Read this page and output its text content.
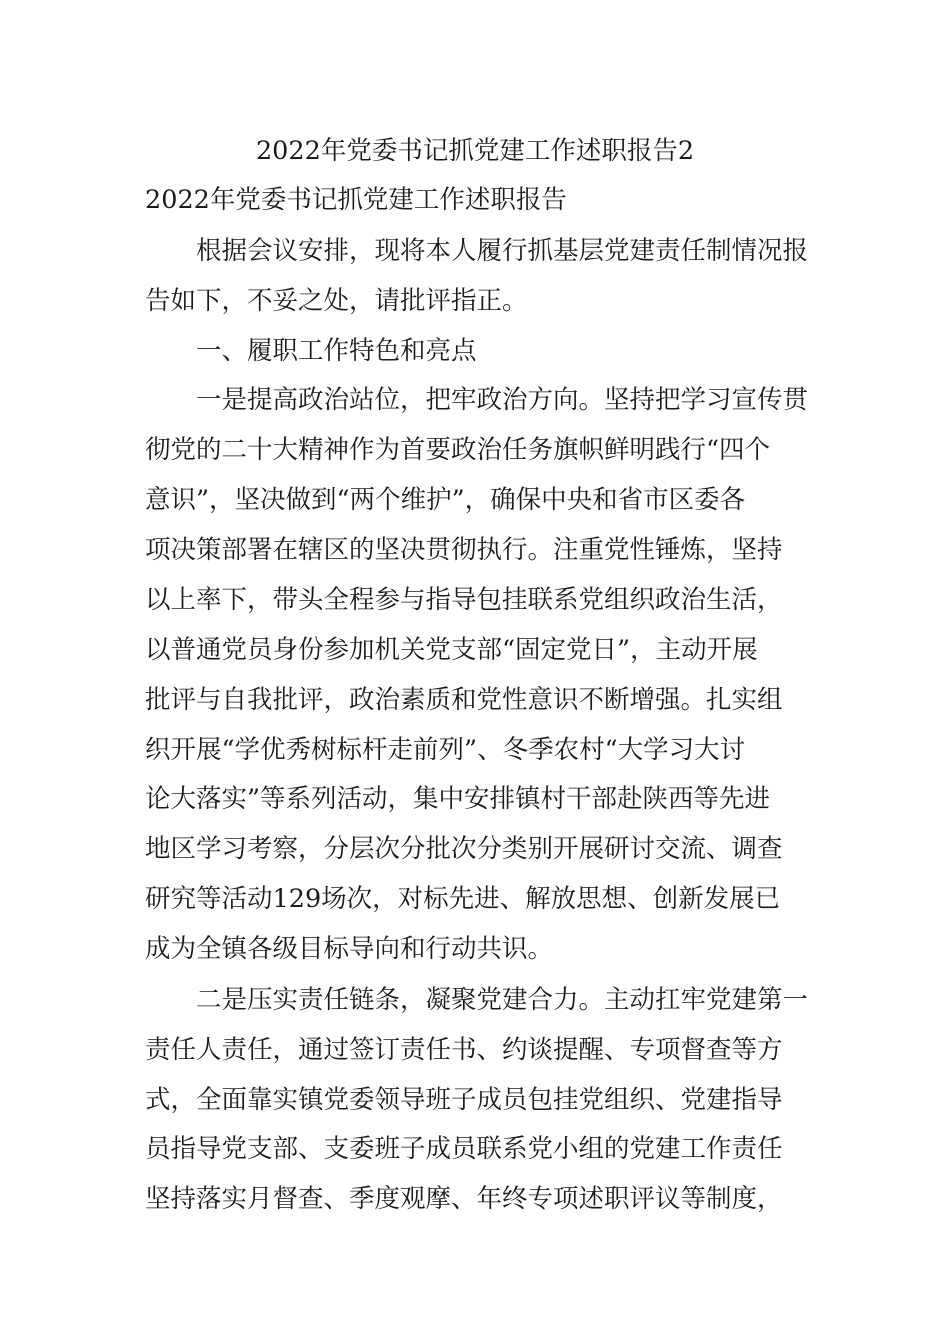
2022年党委书记抓党建工作述职报告2
2022年党委书记抓党建工作述职报告
　　根据会议安排，现将本人履行抓基层党建责任制情况报
告如下，不妥之处，请批评指正。
　　一、履职工作特色和亮点
　　一是提高政治站位，把牢政治方向。坚持把学习宣传贯
彻党的二十大精神作为首要政治任务旗帜鲜明践行“四个
意识”，坚决做到“两个维护”，确保中央和省市区委各
项决策部署在辖区的坚决贯彻执行。注重党性锤炼，坚持
以上率下，带头全程参与指导包挂联系党组织政治生活，
以普通党员身份参加机关党支部“固定党日”，主动开展
批评与自我批评，政治素质和党性意识不断增强。扎实组
织开展“学优秀树标杆走前列”、冬季农村“大学习大讨
论大落实”等系列活动，集中安排镇村干部赴陕西等先进
地区学习考察，分层次分批次分类别开展研讨交流、调查
研究等活动129场次，对标先进、解放思想、创新发展已
成为全镇各级目标导向和行动共识。
　　二是压实责任链条，凝聚党建合力。主动扛牢党建第一
责任人责任，通过签订责任书、约谈提醒、专项督查等方
式，全面靠实镇党委领导班子成员包挂党组织、党建指导
员指导党支部、支委班子成员联系党小组的党建工作责任
坚持落实月督查、季度观摩、年终专项述职评议等制度，
